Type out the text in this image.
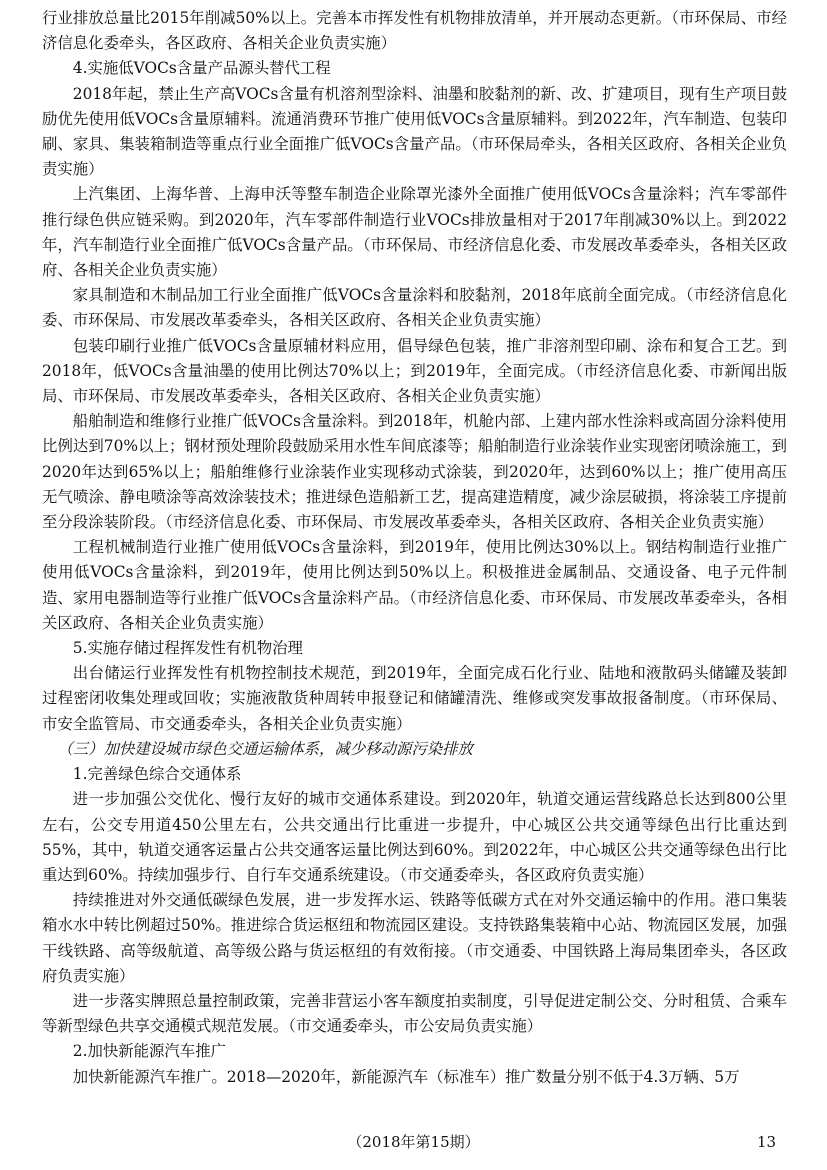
行业排放总量比2015年削减50%以上。完善本市挥发性有机物排放清单，并开展动态更新。（市环保局、市经济信息化委牵头，各区政府、各相关企业负责实施）

4.实施低VOCs含量产品源头替代工程

2018年起，禁止生产高VOCs含量有机溶剂型涂料、油墨和胶黏剂的新、改、扩建项目，现有生产项目鼓励优先使用低VOCs含量原辅料。流通消费环节推广使用低VOCs含量原辅料。到2022年，汽车制造、包装印刷、家具、集装箱制造等重点行业全面推广低VOCs含量产品。（市环保局牵头，各相关区政府、各相关企业负责实施）

上汽集团、上海华普、上海申沃等整车制造企业除罩光漆外全面推广使用低VOCs含量涂料；汽车零部件推行绿色供应链采购。到2020年，汽车零部件制造行业VOCs排放量相对于2017年削减30%以上。到2022年，汽车制造行业全面推广低VOCs含量产品。（市环保局、市经济信息化委、市发展改革委牵头，各相关区政府、各相关企业负责实施）

家具制造和木制品加工行业全面推广低VOCs含量涂料和胶黏剂，2018年底前全面完成。（市经济信息化委、市环保局、市发展改革委牵头，各相关区政府、各相关企业负责实施）

包装印刷行业推广低VOCs含量原辅材料应用，倡导绿色包装，推广非溶剂型印刷、涂布和复合工艺。到2018年，低VOCs含量油墨的使用比例达70%以上；到2019年，全面完成。（市经济信息化委、市新闻出版局、市环保局、市发展改革委牵头，各相关区政府、各相关企业负责实施）

船舶制造和维修行业推广低VOCs含量涂料。到2018年，机舱内部、上建内部水性涂料或高固分涂料使用比例达到70%以上；钢材预处理阶段鼓励采用水性车间底漆等；船舶制造行业涂装作业实现密闭喷涂施工，到2020年达到65%以上；船舶维修行业涂装作业实现移动式涂装，到2020年，达到60%以上；推广使用高压无气喷涂、静电喷涂等高效涂装技术；推进绿色造船新工艺，提高建造精度，减少涂层破损，将涂装工序提前至分段涂装阶段。（市经济信息化委、市环保局、市发展改革委牵头，各相关区政府、各相关企业负责实施）

工程机械制造行业推广使用低VOCs含量涂料，到2019年，使用比例达30%以上。钢结构制造行业推广使用低VOCs含量涂料，到2019年，使用比例达到50%以上。积极推进金属制品、交通设备、电子元件制造、家用电器制造等行业推广低VOCs含量涂料产品。（市经济信息化委、市环保局、市发展改革委牵头，各相关区政府、各相关企业负责实施）

5.实施存储过程挥发性有机物治理

出台储运行业挥发性有机物控制技术规范，到2019年，全面完成石化行业、陆地和液散码头储罐及装卸过程密闭收集处理或回收；实施液散货种周转申报登记和储罐清洗、维修或突发事故报备制度。（市环保局、市安全监管局、市交通委牵头，各相关企业负责实施）

（三）加快建设城市绿色交通运输体系，减少移动源污染排放

1.完善绿色综合交通体系

进一步加强公交优化、慢行友好的城市交通体系建设。到2020年，轨道交通运营线路总长达到800公里左右，公交专用道450公里左右，公共交通出行比重进一步提升，中心城区公共交通等绿色出行比重达到55%，其中，轨道交通客运量占公共交通客运量比例达到60%。到2022年，中心城区公共交通等绿色出行比重达到60%。持续加强步行、自行车交通系统建设。（市交通委牵头，各区政府负责实施）

持续推进对外交通低碳绿色发展，进一步发挥水运、铁路等低碳方式在对外交通运输中的作用。港口集装箱水水中转比例超过50%。推进综合货运枢纽和物流园区建设。支持铁路集装箱中心站、物流园区发展，加强干线铁路、高等级航道、高等级公路与货运枢纽的有效衔接。（市交通委、中国铁路上海局集团牵头，各区政府负责实施）

进一步落实牌照总量控制政策，完善非营运小客车额度拍卖制度，引导促进定制公交、分时租赁、合乘车等新型绿色共享交通模式规范发展。（市交通委牵头，市公安局负责实施）

2.加快新能源汽车推广

加快新能源汽车推广。2018—2020年，新能源汽车（标准车）推广数量分别不低于4.3万辆、5万

（2018年第15期）	13
